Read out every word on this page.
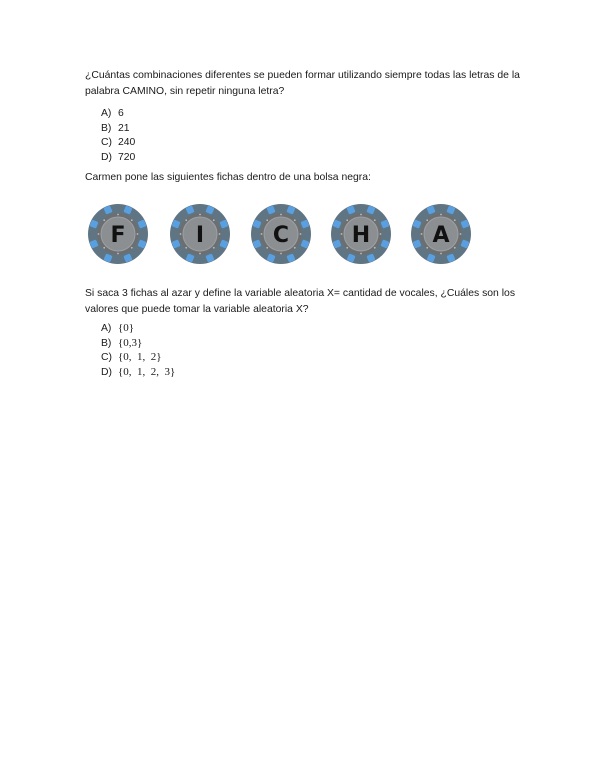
¿Cuántas combinaciones diferentes se pueden formar utilizando siempre todas las letras de la palabra CAMINO, sin repetir ninguna letra?
A) 6
B) 21
C) 240
D) 720
Carmen pone las siguientes fichas dentro de una bolsa negra:
F	I	C	H	A
Si saca 3 fichas al azar y define la variable aleatoria X= cantidad de vocales, ¿Cuáles son los valores que puede tomar la variable aleatoria X?
A) {0}
B) {0,3}
C) {0,  1,  2}
D) {0,  1,  2,  3}
